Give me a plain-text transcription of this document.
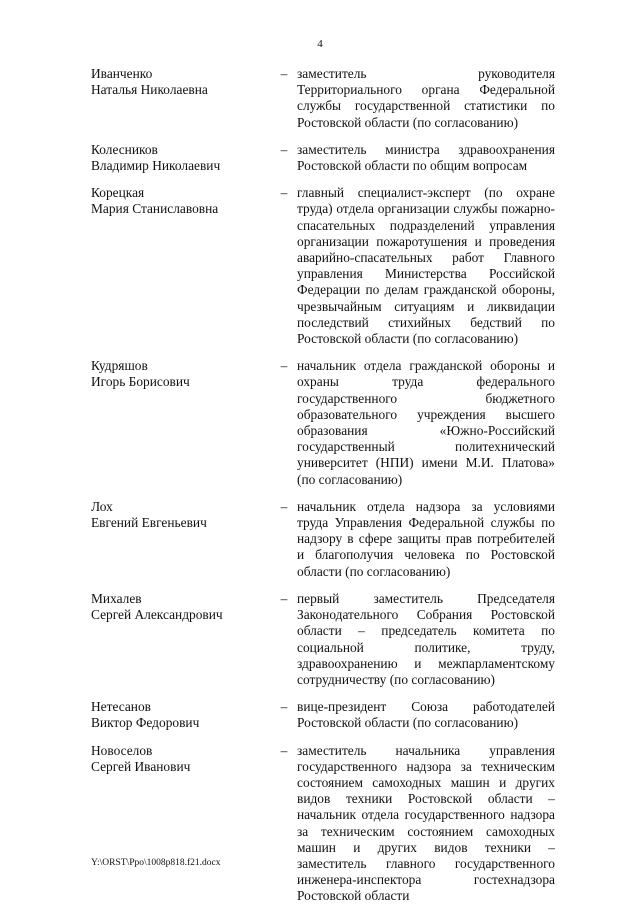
4
Иванченко
Наталья Николаевна
– заместитель руководителя Территориального органа Федеральной службы государственной статистики по Ростовской области (по согласованию)
Колесников
Владимир Николаевич
– заместитель министра здравоохранения Ростовской области по общим вопросам
Корецкая
Мария Станиславовна
– главный специалист-эксперт (по охране труда) отдела организации службы пожарно-спасательных подразделений управления организации пожаротушения и проведения аварийно-спасательных работ Главного управления Министерства Российской Федерации по делам гражданской обороны, чрезвычайным ситуациям и ликвидации последствий стихийных бедствий по Ростовской области (по согласованию)
Кудряшов
Игорь Борисович
– начальник отдела гражданской обороны и охраны труда федерального государственного бюджетного образовательного учреждения высшего образования «Южно-Российский государственный политехнический университет (НПИ) имени М.И. Платова» (по согласованию)
Лох
Евгений Евгеньевич
– начальник отдела надзора за условиями труда Управления Федеральной службы по надзору в сфере защиты прав потребителей и благополучия человека по Ростовской области (по согласованию)
Михалев
Сергей Александрович
– первый заместитель Председателя Законодательного Собрания Ростовской области – председатель комитета по социальной политике, труду, здравоохранению и межпарламентскому сотрудничеству (по согласованию)
Нетесанов
Виктор Федорович
– вице-президент Союза работодателей Ростовской области (по согласованию)
Новоселов
Сергей Иванович
– заместитель начальника управления государственного надзора за техническим состоянием самоходных машин и других видов техники Ростовской области – начальник отдела государственного надзора за техническим состоянием самоходных машин и других видов техники – заместитель главного государственного инженера-инспектора гостехнадзора Ростовской области
Y:\ORST\Ppo\1008p818.f21.docx
